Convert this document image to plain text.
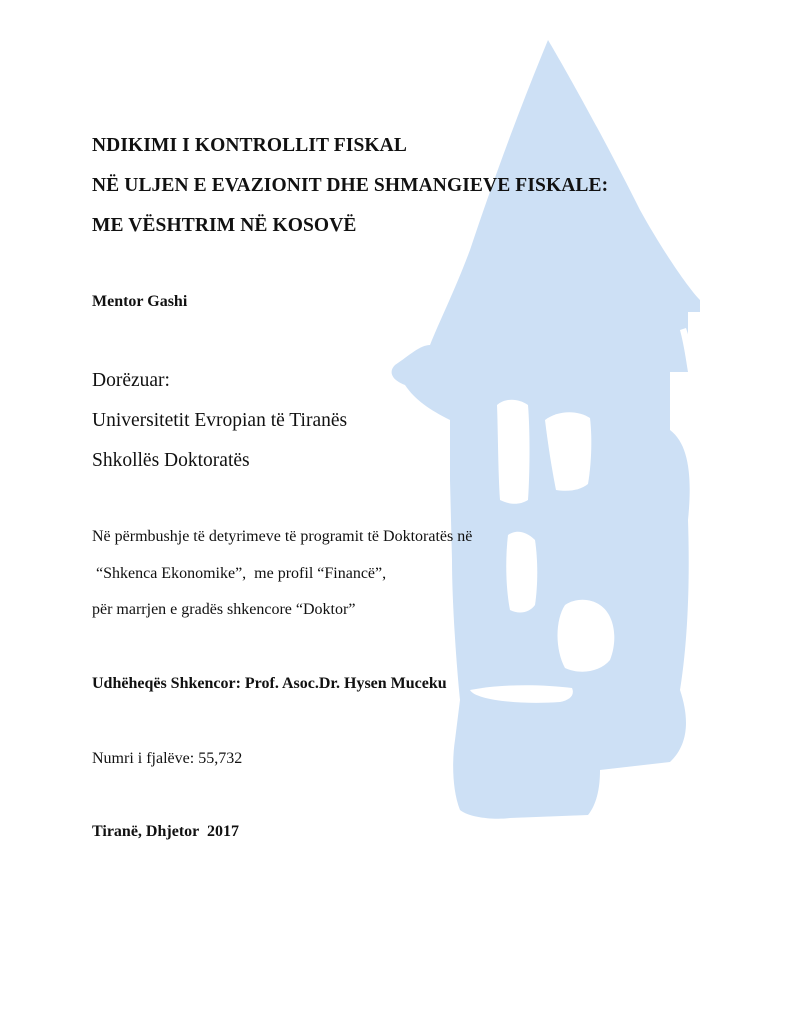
NDIKIMI I KONTROLLIT FISKAL
NË ULJEN E EVAZIONIT DHE SHMANGIEVE FISKALE:
ME VËSHTRIM NË KOSOVË
Mentor Gashi
Dorëzuar:
Universitetit Evropian të Tiranës
Shkollës Doktoratës
Në përmbushje të detyrimeve të programit të Doktoratës në
“Shkenca Ekonomike”,  me profil “Financë”,
për marrjen e gradës shkencore “Doktor”
Udhëheqës Shkencor: Prof. Asoc.Dr. Hysen Muceku
Numri i fjalëve: 55,732
Tiranë, Dhjetor  2017
